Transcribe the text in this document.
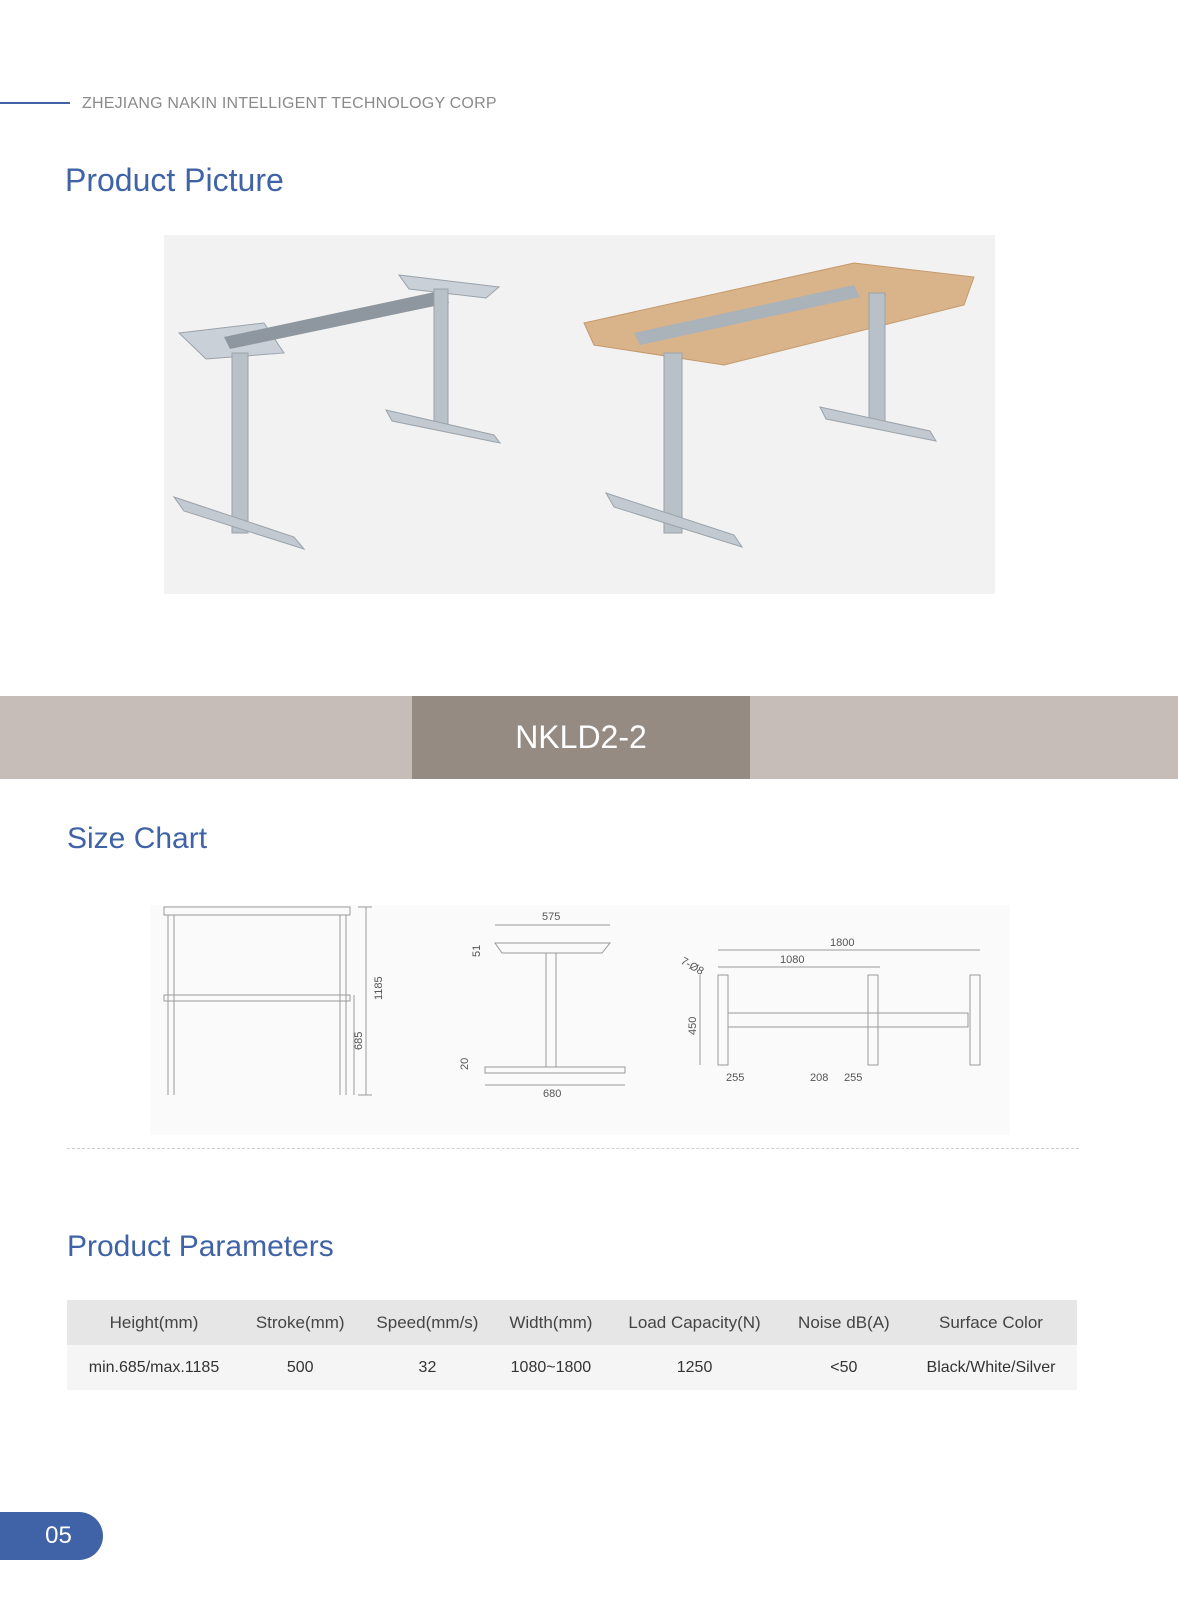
ZHEJIANG NAKIN INTELLIGENT TECHNOLOGY CORP
Product Picture
NKLD2-2
Size Chart
1185
685
575
51
20
680
1800
1080
7-Ø8
450
255	208 255
Product Parameters
Height(mm)	Stroke(mm)	Speed(mm/s)	Width(mm)	Load Capacity(N)	Noise dB(A)	Surface Color
min.685/max.1185	500	32	1080~1800	1250	<50	Black/White/Silver
05
